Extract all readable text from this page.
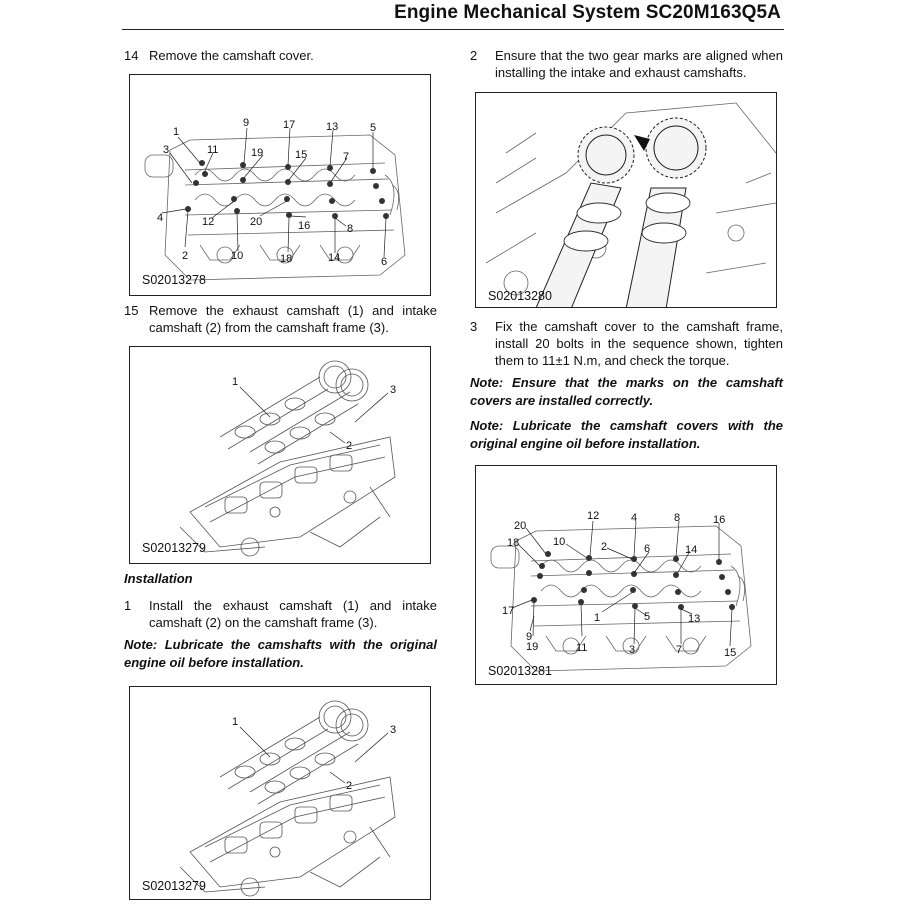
Engine Mechanical System SC20M163Q5A
14 Remove the camshaft cover.
1
2
3
4
5
6
7
8
9
10
11
12
13
14
15
16
17
18
19
20
S02013278
15 Remove the exhaust camshaft (1) and intake camshaft (2) from the camshaft frame (3).
1
2
3
S02013279
Installation
1 Install the exhaust camshaft (1) and intake camshaft (2) on the camshaft frame (3).
Note: Lubricate the camshafts with the original engine oil before installation.
1
2
3
S02013279
2 Ensure that the two gear marks are aligned when installing the intake and exhaust camshafts.
S02013280
3 Fix the camshaft cover to the camshaft frame, install 20 bolts in the sequence shown, tighten them to 11±1 N.m, and check the torque.
Note: Ensure that the marks on the camshaft covers are installed correctly.
Note: Lubricate the camshaft covers with the original engine oil before installation.
1
2
3
4
5
6
7
8
9
10
11
12
13
14
15
16
17
18
19
20
S02013281
